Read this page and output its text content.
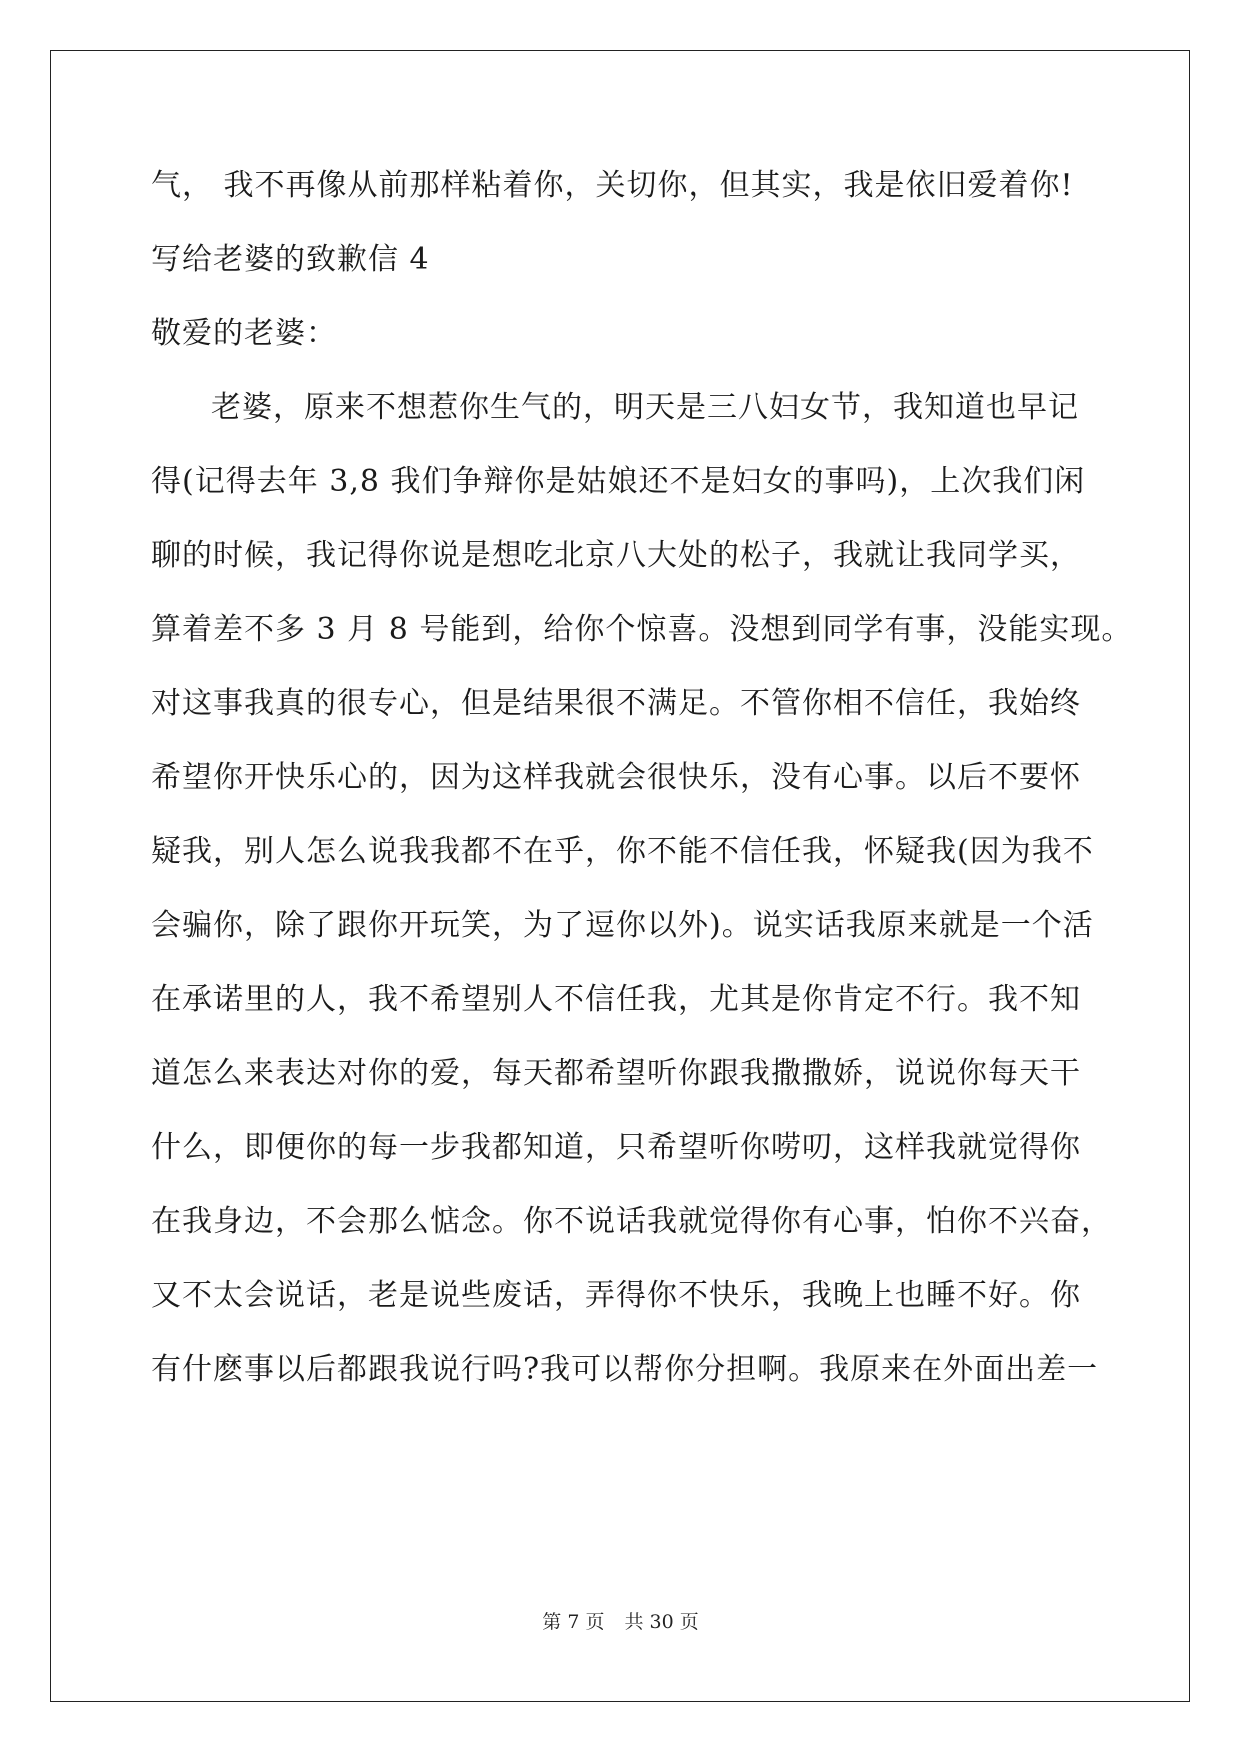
气， 我不再像从前那样粘着你，关切你，但其实，我是依旧爱着你!
写给老婆的致歉信 4
敬爱的老婆：
老婆，原来不想惹你生气的，明天是三八妇女节，我知道也早记
得(记得去年 3,8 我们争辩你是姑娘还不是妇女的事吗)，上次我们闲
聊的时候，我记得你说是想吃北京八大处的松子，我就让我同学买，
算着差不多 3 月 8 号能到，给你个惊喜。没想到同学有事，没能实现。
对这事我真的很专心，但是结果很不满足。不管你相不信任，我始终
希望你开快乐心的，因为这样我就会很快乐，没有心事。以后不要怀
疑我，别人怎么说我我都不在乎，你不能不信任我，怀疑我(因为我不
会骗你，除了跟你开玩笑，为了逗你以外)。说实话我原来就是一个活
在承诺里的人，我不希望别人不信任我，尤其是你肯定不行。我不知
道怎么来表达对你的爱，每天都希望听你跟我撒撒娇，说说你每天干
什么，即便你的每一步我都知道，只希望听你唠叨，这样我就觉得你
在我身边，不会那么惦念。你不说话我就觉得你有心事，怕你不兴奋，
又不太会说话，老是说些废话，弄得你不快乐，我晚上也睡不好。你
有什麽事以后都跟我说行吗?我可以帮你分担啊。我原来在外面出差一
第 7 页 共 30 页
